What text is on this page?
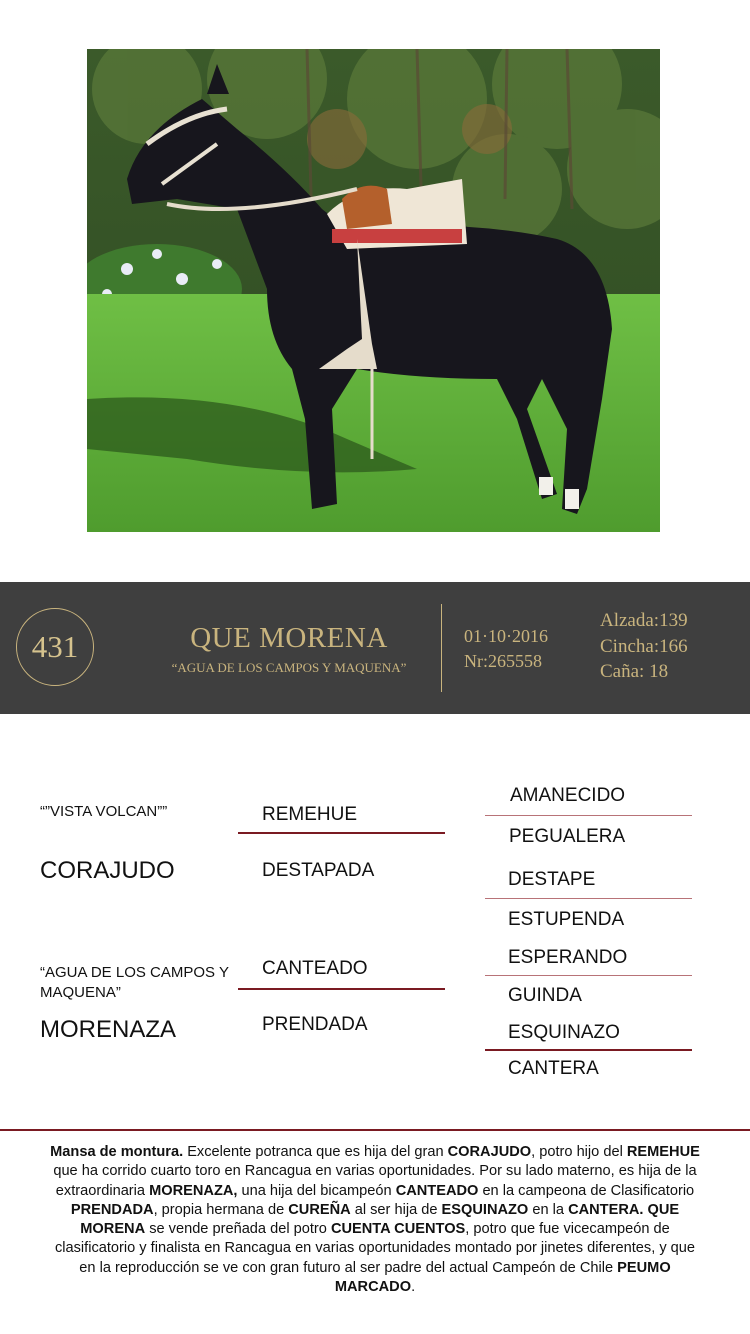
431	QUE MORENA
“AGUA DE LOS CAMPOS Y MAQUENA”
01·10·2016
Nr:265558
Alzada:139
Cincha:166
Caña: 18
“”VISTA VOLCAN””
CORAJUDO
REMEHUE
DESTAPADA
AMANECIDO
PEGUALERA
DESTAPE
ESTUPENDA
“AGUA DE LOS CAMPOS Y MAQUENA”
MORENAZA
CANTEADO
PRENDADA
ESPERANDO
GUINDA
ESQUINAZO
CANTERA
Mansa de montura. Excelente potranca que es hija del gran CORAJUDO, potro hijo del REMEHUE que ha corrido cuarto toro en Rancagua en varias oportunidades. Por su lado materno, es hija de la extraordinaria MORENAZA, una hija del bicampeón CANTEADO en la campeona de Clasificatorio PRENDADA, propia hermana de CUREÑA al ser hija de ESQUINAZO en la CANTERA. QUE MORENA se vende preñada del potro CUENTA CUENTOS, potro que fue vicecampeón de clasificatorio y finalista en Rancagua en varias oportunidades montado por jinetes diferentes, y que en la reproducción se ve con gran futuro al ser padre del actual Campeón de Chile PEUMO MARCADO.
